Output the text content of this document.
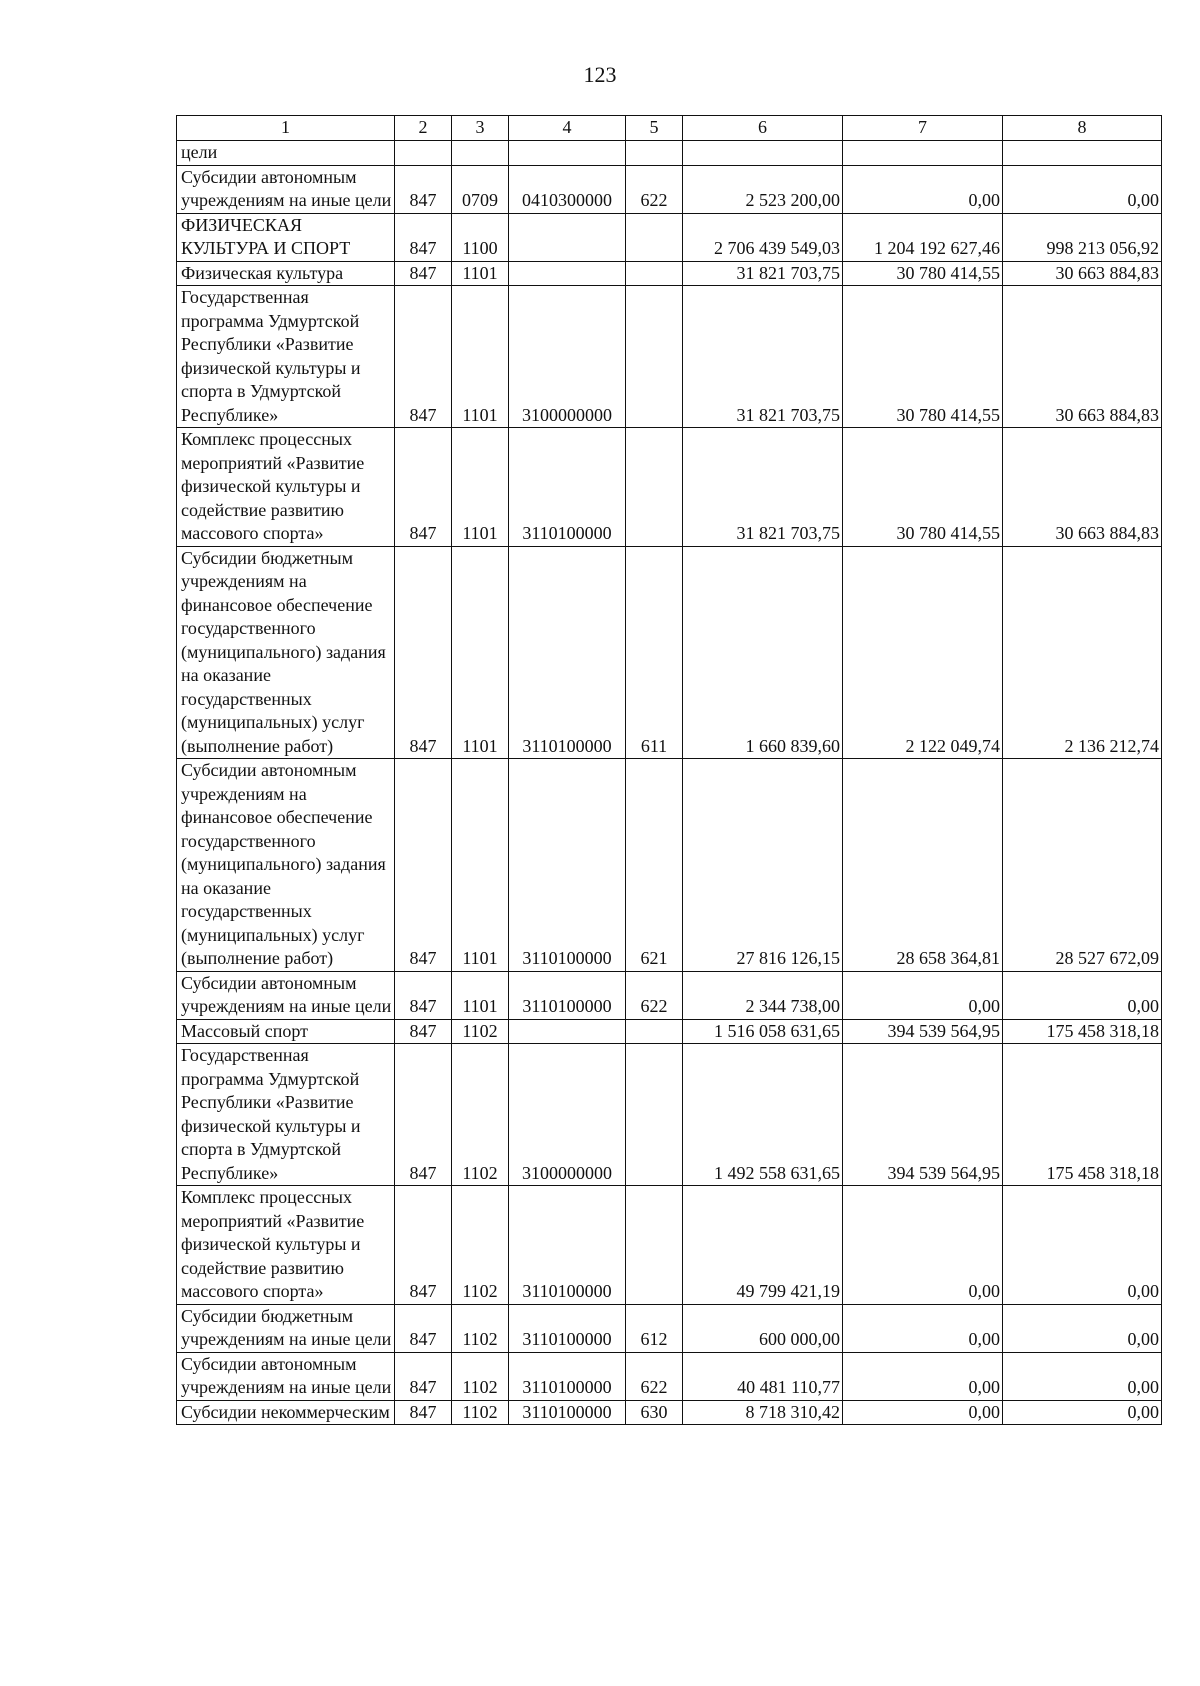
123
1	2	3	4	5	6	7	8
цели							
Субсидии автономным учреждениям на иные цели	847	0709	0410300000	622	2 523 200,00	0,00	0,00
ФИЗИЧЕСКАЯ КУЛЬТУРА И СПОРТ	847	1100			2 706 439 549,03	1 204 192 627,46	998 213 056,92
Физическая культура	847	1101			31 821 703,75	30 780 414,55	30 663 884,83
Государственная программа Удмуртской Республики «Развитие физической культуры и спорта в Удмуртской Республике»	847	1101	3100000000		31 821 703,75	30 780 414,55	30 663 884,83
Комплекс процессных мероприятий «Развитие физической культуры и содействие развитию массового спорта»	847	1101	3110100000		31 821 703,75	30 780 414,55	30 663 884,83
Субсидии бюджетным учреждениям на финансовое обеспечение государственного (муниципального) задания на оказание государственных (муниципальных) услуг (выполнение работ)	847	1101	3110100000	611	1 660 839,60	2 122 049,74	2 136 212,74
Субсидии автономным учреждениям на финансовое обеспечение государственного (муниципального) задания на оказание государственных (муниципальных) услуг (выполнение работ)	847	1101	3110100000	621	27 816 126,15	28 658 364,81	28 527 672,09
Субсидии автономным учреждениям на иные цели	847	1101	3110100000	622	2 344 738,00	0,00	0,00
Массовый спорт	847	1102			1 516 058 631,65	394 539 564,95	175 458 318,18
Государственная программа Удмуртской Республики «Развитие физической культуры и спорта в Удмуртской Республике»	847	1102	3100000000		1 492 558 631,65	394 539 564,95	175 458 318,18
Комплекс процессных мероприятий «Развитие физической культуры и содействие развитию массового спорта»	847	1102	3110100000		49 799 421,19	0,00	0,00
Субсидии бюджетным учреждениям на иные цели	847	1102	3110100000	612	600 000,00	0,00	0,00
Субсидии автономным учреждениям на иные цели	847	1102	3110100000	622	40 481 110,77	0,00	0,00
Субсидии некоммерческим	847	1102	3110100000	630	8 718 310,42	0,00	0,00
